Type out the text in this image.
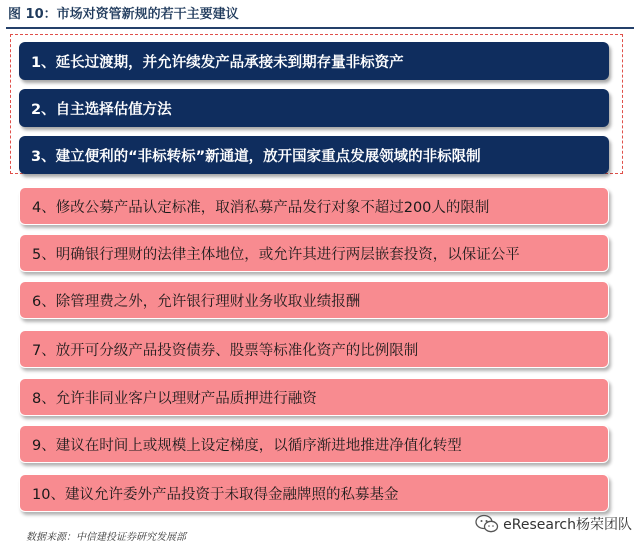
图 10：市场对资管新规的若干主要建议
1、延长过渡期，并允许续发产品承接未到期存量非标资产
2、自主选择估值方法
3、建立便利的“非标转标”新通道，放开国家重点发展领域的非标限制
4、修改公募产品认定标准，取消私募产品发行对象不超过200人的限制
5、明确银行理财的法律主体地位，或允许其进行两层嵌套投资，以保证公平
6、除管理费之外，允许银行理财业务收取业绩报酬
7、放开可分级产品投资债券、股票等标准化资产的比例限制
8、允许非同业客户以理财产品质押进行融资
9、建议在时间上或规模上设定梯度，以循序渐进地推进净值化转型
10、建议允许委外产品投资于未取得金融牌照的私募基金
数据来源：中信建投证券研究发展部
eResearch杨荣团队
